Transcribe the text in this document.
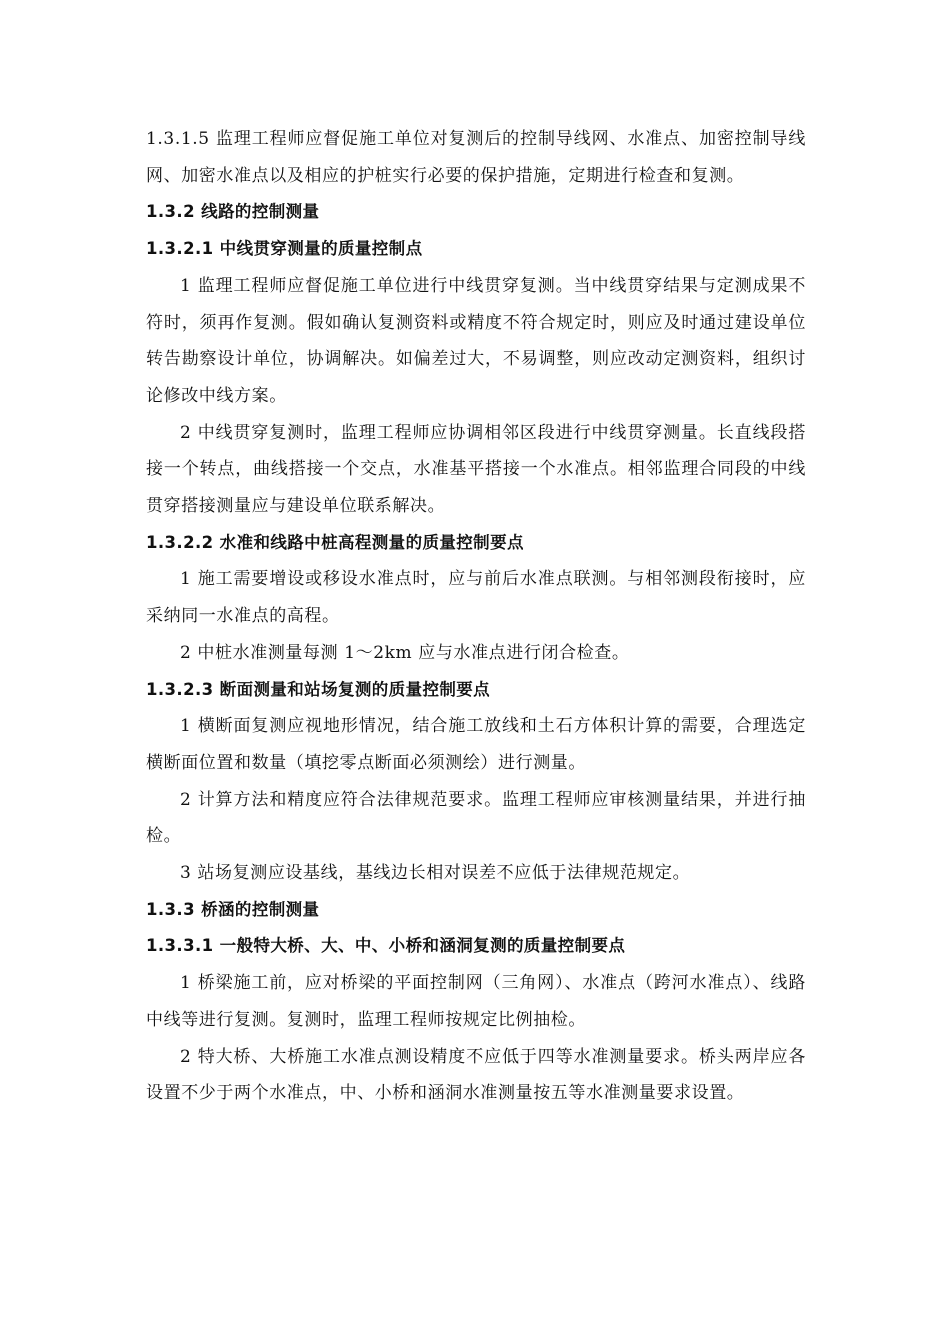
1.3.1.5 监理工程师应督促施工单位对复测后的控制导线网、水准点、加密控制导线网、加密水准点以及相应的护桩实行必要的保护措施，定期进行检查和复测。

1.3.2 线路的控制测量

1.3.2.1 中线贯穿测量的质量控制点

1 监理工程师应督促施工单位进行中线贯穿复测。当中线贯穿结果与定测成果不符时，须再作复测。假如确认复测资料或精度不符合规定时，则应及时通过建设单位转告勘察设计单位，协调解决。如偏差过大，不易调整，则应改动定测资料，组织讨论修改中线方案。

2 中线贯穿复测时，监理工程师应协调相邻区段进行中线贯穿测量。长直线段搭接一个转点，曲线搭接一个交点，水准基平搭接一个水准点。相邻监理合同段的中线贯穿搭接测量应与建设单位联系解决。

1.3.2.2 水准和线路中桩高程测量的质量控制要点

1 施工需要增设或移设水准点时，应与前后水准点联测。与相邻测段衔接时，应采纳同一水准点的高程。

2 中桩水准测量每测 1～2km 应与水准点进行闭合检查。

1.3.2.3 断面测量和站场复测的质量控制要点

1 横断面复测应视地形情况，结合施工放线和土石方体积计算的需要，合理选定横断面位置和数量（填挖零点断面必须测绘）进行测量。

2 计算方法和精度应符合法律规范要求。监理工程师应审核测量结果，并进行抽检。

3 站场复测应设基线，基线边长相对误差不应低于法律规范规定。

1.3.3 桥涵的控制测量

1.3.3.1 一般特大桥、大、中、小桥和涵洞复测的质量控制要点

1 桥梁施工前，应对桥梁的平面控制网（三角网）、水准点（跨河水准点）、线路中线等进行复测。复测时，监理工程师按规定比例抽检。

2 特大桥、大桥施工水准点测设精度不应低于四等水准测量要求。桥头两岸应各设置不少于两个水准点，中、小桥和涵洞水准测量按五等水准测量要求设置。
